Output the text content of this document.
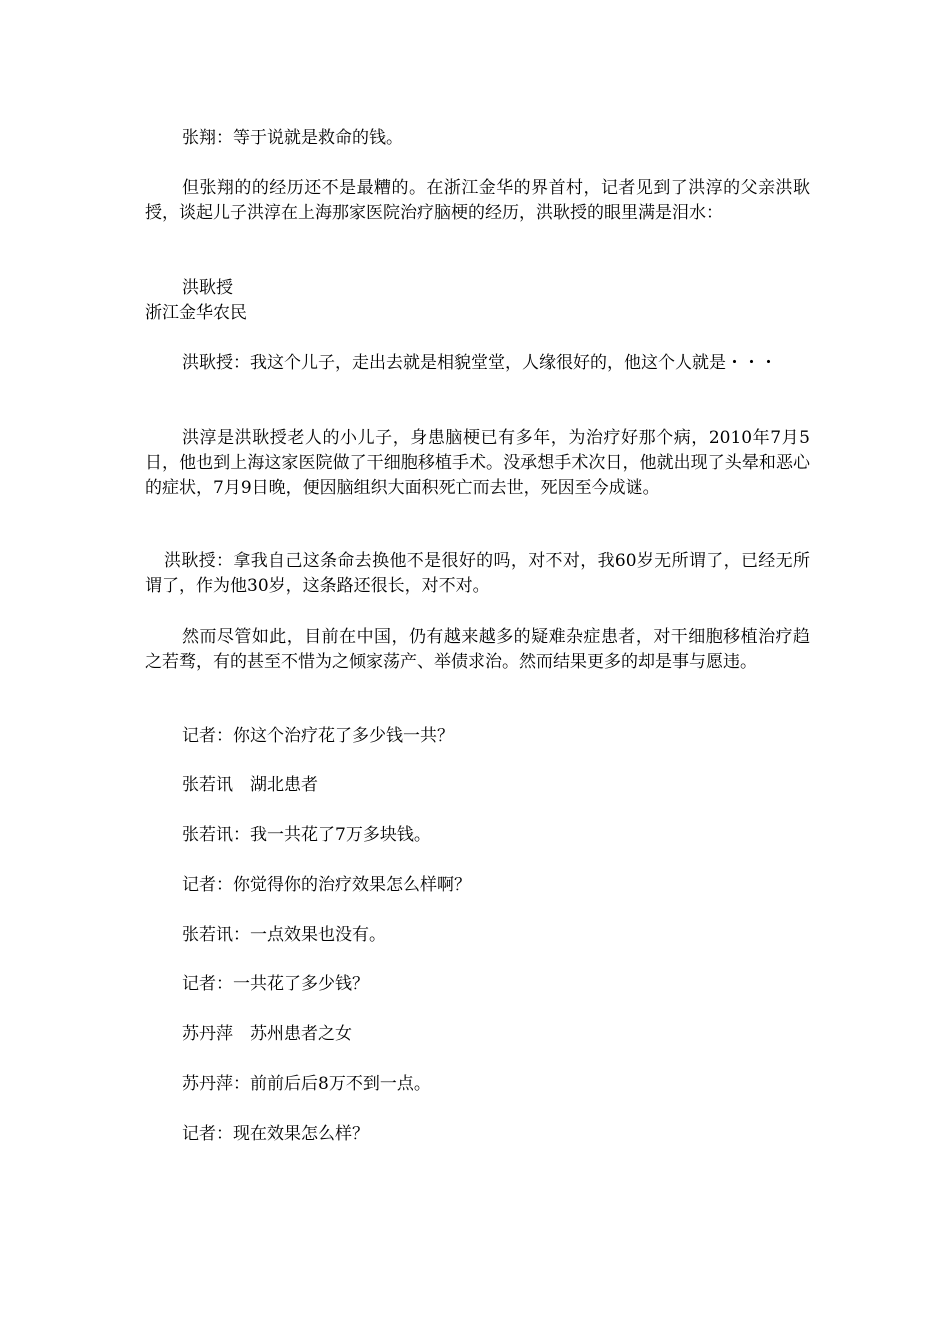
张翔：等于说就是救命的钱。

但张翔的的经历还不是最糟的。在浙江金华的界首村，记者见到了洪淳的父亲洪耿授，谈起儿子洪淳在上海那家医院治疗脑梗的经历，洪耿授的眼里满是泪水：

洪耿授

浙江金华农民

洪耿授：我这个儿子，走出去就是相貌堂堂，人缘很好的，他这个人就是・・・

洪淳是洪耿授老人的小儿子，身患脑梗已有多年，为治疗好那个病，2010年7月5日，他也到上海这家医院做了干细胞移植手术。没承想手术次日，他就出现了头晕和恶心的症状，7月9日晚，便因脑组织大面积死亡而去世，死因至今成谜。

洪耿授：拿我自己这条命去换他不是很好的吗，对不对，我60岁无所谓了，已经无所谓了，作为他30岁，这条路还很长，对不对。

然而尽管如此，目前在中国，仍有越来越多的疑难杂症患者，对干细胞移植治疗趋之若骛，有的甚至不惜为之倾家荡产、举债求治。然而结果更多的却是事与愿违。

记者：你这个治疗花了多少钱一共？

张若讯　湖北患者

张若讯：我一共花了7万多块钱。

记者：你觉得你的治疗效果怎么样啊？

张若讯：一点效果也没有。

记者：一共花了多少钱？

苏丹萍　苏州患者之女

苏丹萍：前前后后8万不到一点。

记者：现在效果怎么样？
